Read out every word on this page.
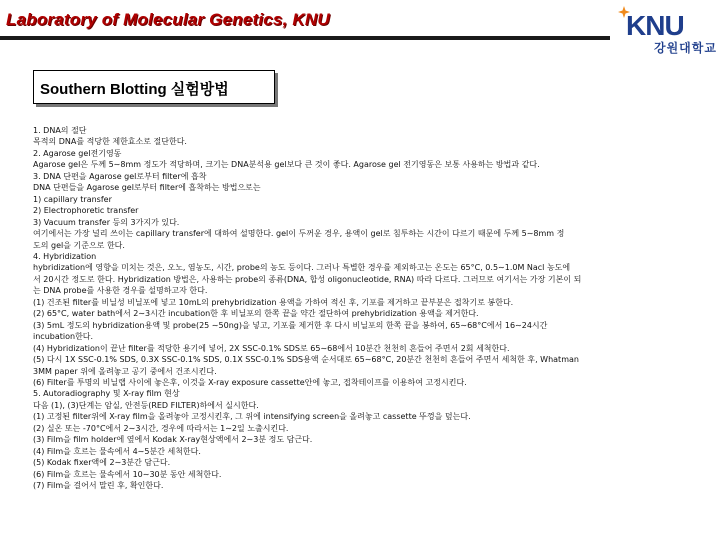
Laboratory of Molecular Genetics, KNU	KNU
강원대학교
Southern Blotting 실험방법
1. DNA의 절단
목적의 DNA를 적당한 제한효소로 절단한다.
2. Agarose gel전기영동
Agarose gel은 두께 5∼8mm 정도가 적당하며, 크기는 DNA분석용 gel보다 큰 것이 좋다. Agarose gel 전기영동은 보통 사용하는 방법과 같다.
3. DNA 단편을 Agarose gel로부터 filter에 흡착
DNA 단편들을 Agarose gel로부터 filter에 흡착하는 방법으로는
1) capillary transfer
2) Electrophoretic transfer
3) Vacuum transfer 등의 3가지가 있다.
여기에서는 가장 널리 쓰이는 capillary transfer에 대하여 설명한다. gel이 두꺼운 경우, 용액이 gel로 침투하는 시간이 다르기 때문에 두께 5∼8mm 정
도의 gel을 기준으로 한다.
4. Hybridization
hybridization에 영향을 미치는 것은, 오노, 염농도, 시간, probe의 농도 등이다. 그러나 특별한 경우를 제외하고는 온도는 65°C, 0.5∼1.0M Nacl 농도에
서 20시간 정도로 한다. Hybridization 방법은, 사용하는 probe의 종류(DNA, 합성 oligonucleotide, RNA) 따라 다르다. 그러므로 여기서는 가장 기본이 되
는 DNA probe를 사용한 경우를 설명하고자 한다.
(1) 건조된 filter를 비닐성 비닐포에 넣고 10mL의 prehybridization 용액을 가하여 적신 후, 기포를 제거하고 끝부분은 접착기로 봉한다.
(2) 65°C, water bath에서 2∼3시간 incubation한 후 비닐포의 한쪽 끝을 약간 절단하여 prehybridization 용액을 제거한다.
(3) 5mL 정도의 hybridization용액 및 probe(25 ∼50ng)을 넣고, 기포를 제거한 후 다시 비닐포의 한쪽 끝을 봉하여, 65∼68°C에서 16∼24시간
incubation한다.
(4) Hybridization이 끝난 filter를 적당한 용기에 넣어, 2X SSC-0.1% SDS로 65∼68에서 10분간 천천히 흔들어 주면서 2회 세척한다.
(5) 다시 1X SSC-0.1% SDS, 0.3X SSC-0.1% SDS, 0.1X SSC-0.1% SDS용액 순서대로 65∼68°C, 20분간 천천히 흔들어 주면서 세척한 후, Whatman
3MM paper 위에 올려놓고 공기 중에서 건조시킨다.
(6) Filter를 투명의 비닐랩 사이에 놓은후, 이것을 X-ray exposure cassette안에 놓고, 접착테이프를 이용하여 고정시킨다.
5. Autoradiography 및 X-ray film 현상
다음 (1), (3)단계는 암실, 안전등(RED FILTER)하에서 실시한다.
(1) 고정된 filter위에 X-ray film을 올려놓아 고정시킨후, 그 위에 intensifying screen을 올려놓고 cassette 뚜껑을 덮는다.
(2) 실온 또는 -70°C에서 2∼3시간, 경우에 따라서는 1∼2일 노출시킨다.
(3) Film을 film holder에 옆에서 Kodak X-ray현상액에서 2∼3분 정도 담근다.
(4) Film을 흐르는 물속에서 4∼5분간 세척한다.
(5) Kodak fixer액에 2∼3분간 담근다.
(6) Film을 흐르는 물속에서 10∼30분 동안 세척한다.
(7) Film을 걸어서 말린 후, 확인한다.
